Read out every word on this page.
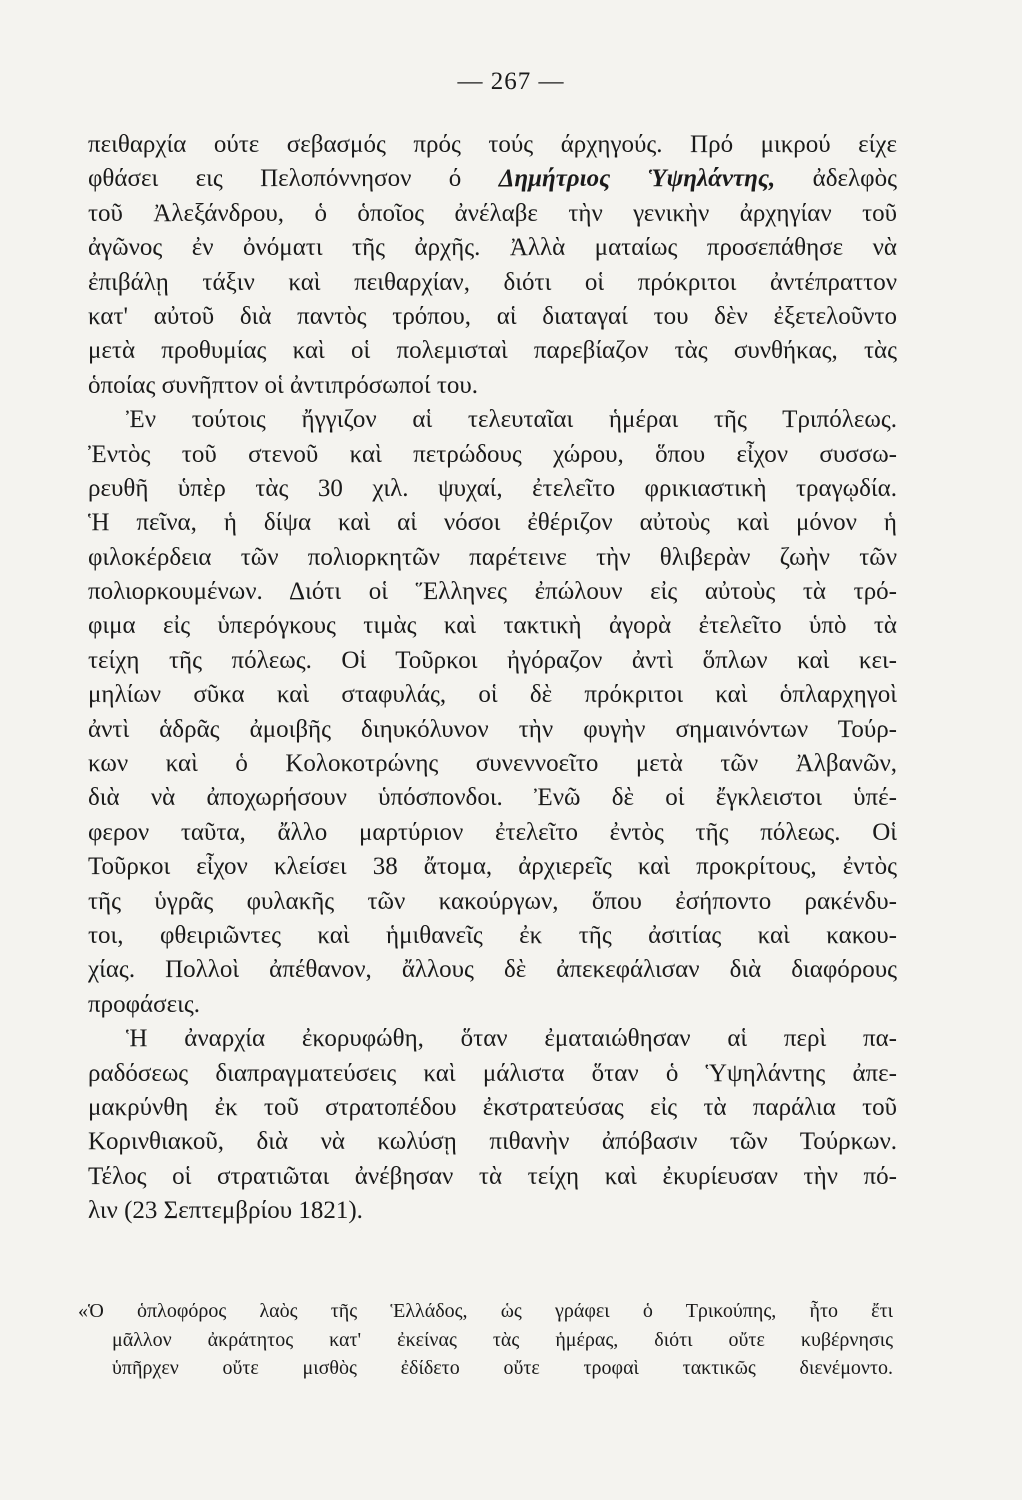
— 267 —
πειθαρχία ούτε σεβασμός πρός τούς άρχηγούς. Πρό μικρού είχε
φθάσει εις Πελοπόννησον ό Δημήτριος Ὑψηλάντης, ἀδελφὸς
τοῦ Ἀλεξάνδρου, ὁ ὁποῖος ἀνέλαβε τὴν γενικὴν ἀρχηγίαν τοῦ
ἀγῶνος ἐν ὀνόματι τῆς ἀρχῆς. Ἀλλὰ ματαίως προσεπάθησε νὰ
ἐπιβάλῃ τάξιν καὶ πειθαρχίαν, διότι οἱ πρόκριτοι ἀντέπραττον
κατ' αὐτοῦ διὰ παντὸς τρόπου, αἱ διαταγαί του δὲν ἐξετελοῦντο
μετὰ προθυμίας καὶ οἱ πολεμισταὶ παρεβίαζον τὰς συνθήκας, τὰς
ὁποίας συνῆπτον οἱ ἀντιπρόσωποί του.
Ἐν τούτοις ἤγγιζον αἱ τελευταῖαι ἡμέραι τῆς Τριπόλεως.
Ἐντὸς τοῦ στενοῦ καὶ πετρώδους χώρου, ὅπου εἶχον συσσω-
ρευθῆ ὑπὲρ τὰς 30 χιλ. ψυχαί, ἐτελεῖτο φρικιαστικὴ τραγῳδία.
Ἡ πεῖνα, ἡ δίψα καὶ αἱ νόσοι ἐθέριζον αὐτοὺς καὶ μόνον ἡ
φιλοκέρδεια τῶν πολιορκητῶν παρέτεινε τὴν θλιβερὰν ζωὴν τῶν
πολιορκουμένων. Διότι οἱ Ἕλληνες ἐπώλουν εἰς αὐτοὺς τὰ τρό-
φιμα εἰς ὑπερόγκους τιμὰς καὶ τακτικὴ ἀγορὰ ἐτελεῖτο ὑπὸ τὰ
τείχη τῆς πόλεως. Οἱ Τοῦρκοι ἠγόραζον ἀντὶ ὅπλων καὶ κει-
μηλίων σῦκα καὶ σταφυλάς, οἱ δὲ πρόκριτοι καὶ ὁπλαρχηγοὶ
ἀντὶ ἁδρᾶς ἀμοιβῆς διηυκόλυνον τὴν φυγὴν σημαινόντων Τούρ-
κων καὶ ὁ Κολοκοτρώνης συνεννοεῖτο μετὰ τῶν Ἀλβανῶν,
διὰ νὰ ἀποχωρήσουν ὑπόσπονδοι. Ἐνῶ δὲ οἱ ἔγκλειστοι ὑπέ-
φερον ταῦτα, ἄλλο μαρτύριον ἐτελεῖτο ἐντὸς τῆς πόλεως. Οἱ
Τοῦρκοι εἶχον κλείσει 38 ἄτομα, ἀρχιερεῖς καὶ προκρίτους, ἐντὸς
τῆς ὑγρᾶς φυλακῆς τῶν κακούργων, ὅπου ἐσήποντο ρακένδυ-
τοι, φθειριῶντες καὶ ἡμιθανεῖς ἐκ τῆς ἀσιτίας καὶ κακου-
χίας. Πολλοὶ ἀπέθανον, ἄλλους δὲ ἀπεκεφάλισαν διὰ διαφόρους
προφάσεις.
Ἡ ἀναρχία ἐκορυφώθη, ὅταν ἐματαιώθησαν αἱ περὶ πα-
ραδόσεως διαπραγματεύσεις καὶ μάλιστα ὅταν ὁ Ὑψηλάντης ἀπε-
μακρύνθη ἐκ τοῦ στρατοπέδου ἐκστρατεύσας εἰς τὰ παράλια τοῦ
Κορινθιακοῦ, διὰ νὰ κωλύσῃ πιθανὴν ἀπόβασιν τῶν Τούρκων.
Τέλος οἱ στρατιῶται ἀνέβησαν τὰ τείχη καὶ ἐκυρίευσαν τὴν πό-
λιν (23 Σεπτεμβρίου 1821).
«Ὁ ὁπλοφόρος λαὸς τῆς Ἑλλάδος, ὡς γράφει ὁ Τρικούπης, ἦτο ἔτι
μᾶλλον ἀκράτητος κατ' ἐκείνας τὰς ἡμέρας, διότι οὔτε κυβέρνησις
ὑπῆρχεν οὔτε μισθὸς ἐδίδετο οὔτε τροφαὶ τακτικῶς διενέμοντο.
